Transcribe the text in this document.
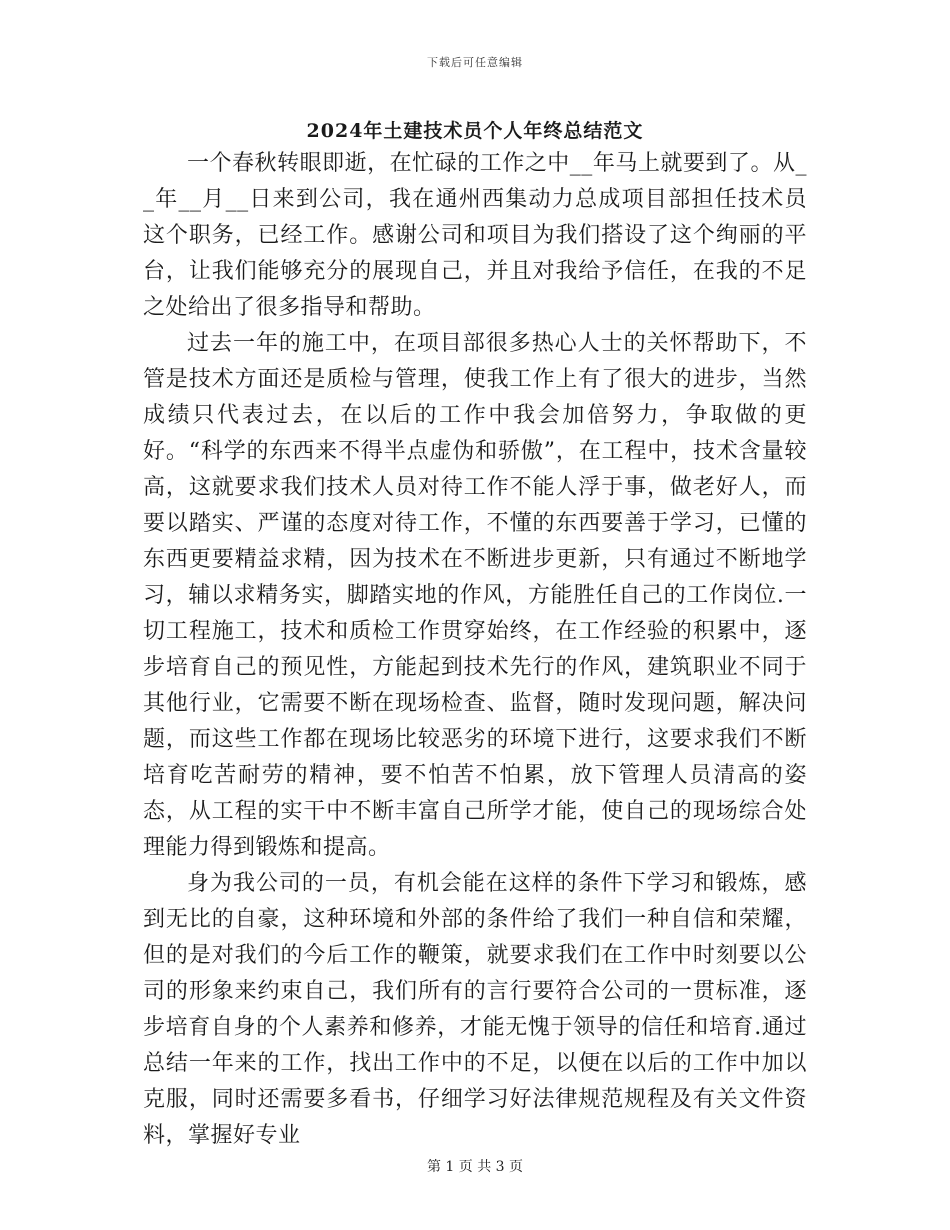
下载后可任意编辑
2024年土建技术员个人年终总结范文

一个春秋转眼即逝，在忙碌的工作之中__年马上就要到了。从__年__月__日来到公司，我在通州西集动力总成项目部担任技术员这个职务，已经工作。感谢公司和项目为我们搭设了这个绚丽的平台，让我们能够充分的展现自己，并且对我给予信任，在我的不足之处给出了很多指导和帮助。

过去一年的施工中，在项目部很多热心人士的关怀帮助下，不管是技术方面还是质检与管理，使我工作上有了很大的进步，当然成绩只代表过去，在以后的工作中我会加倍努力，争取做的更好。“科学的东西来不得半点虚伪和骄傲”，在工程中，技术含量较高，这就要求我们技术人员对待工作不能人浮于事，做老好人，而要以踏实、严谨的态度对待工作，不懂的东西要善于学习，已懂的东西更要精益求精，因为技术在不断进步更新，只有通过不断地学习，辅以求精务实，脚踏实地的作风，方能胜任自己的工作岗位.一切工程施工，技术和质检工作贯穿始终，在工作经验的积累中，逐步培育自己的预见性，方能起到技术先行的作风，建筑职业不同于其他行业，它需要不断在现场检查、监督，随时发现问题，解决问题，而这些工作都在现场比较恶劣的环境下进行，这要求我们不断培育吃苦耐劳的精神，要不怕苦不怕累，放下管理人员清高的姿态，从工程的实干中不断丰富自己所学才能，使自己的现场综合处理能力得到锻炼和提高。

身为我公司的一员，有机会能在这样的条件下学习和锻炼，感到无比的自豪，这种环境和外部的条件给了我们一种自信和荣耀，但的是对我们的今后工作的鞭策，就要求我们在工作中时刻要以公司的形象来约束自己，我们所有的言行要符合公司的一贯标准，逐步培育自身的个人素养和修养，才能无愧于领导的信任和培育.通过总结一年来的工作，找出工作中的不足，以便在以后的工作中加以克服，同时还需要多看书，仔细学习好法律规范规程及有关文件资料，掌握好专业

第 1 页 共 3 页
